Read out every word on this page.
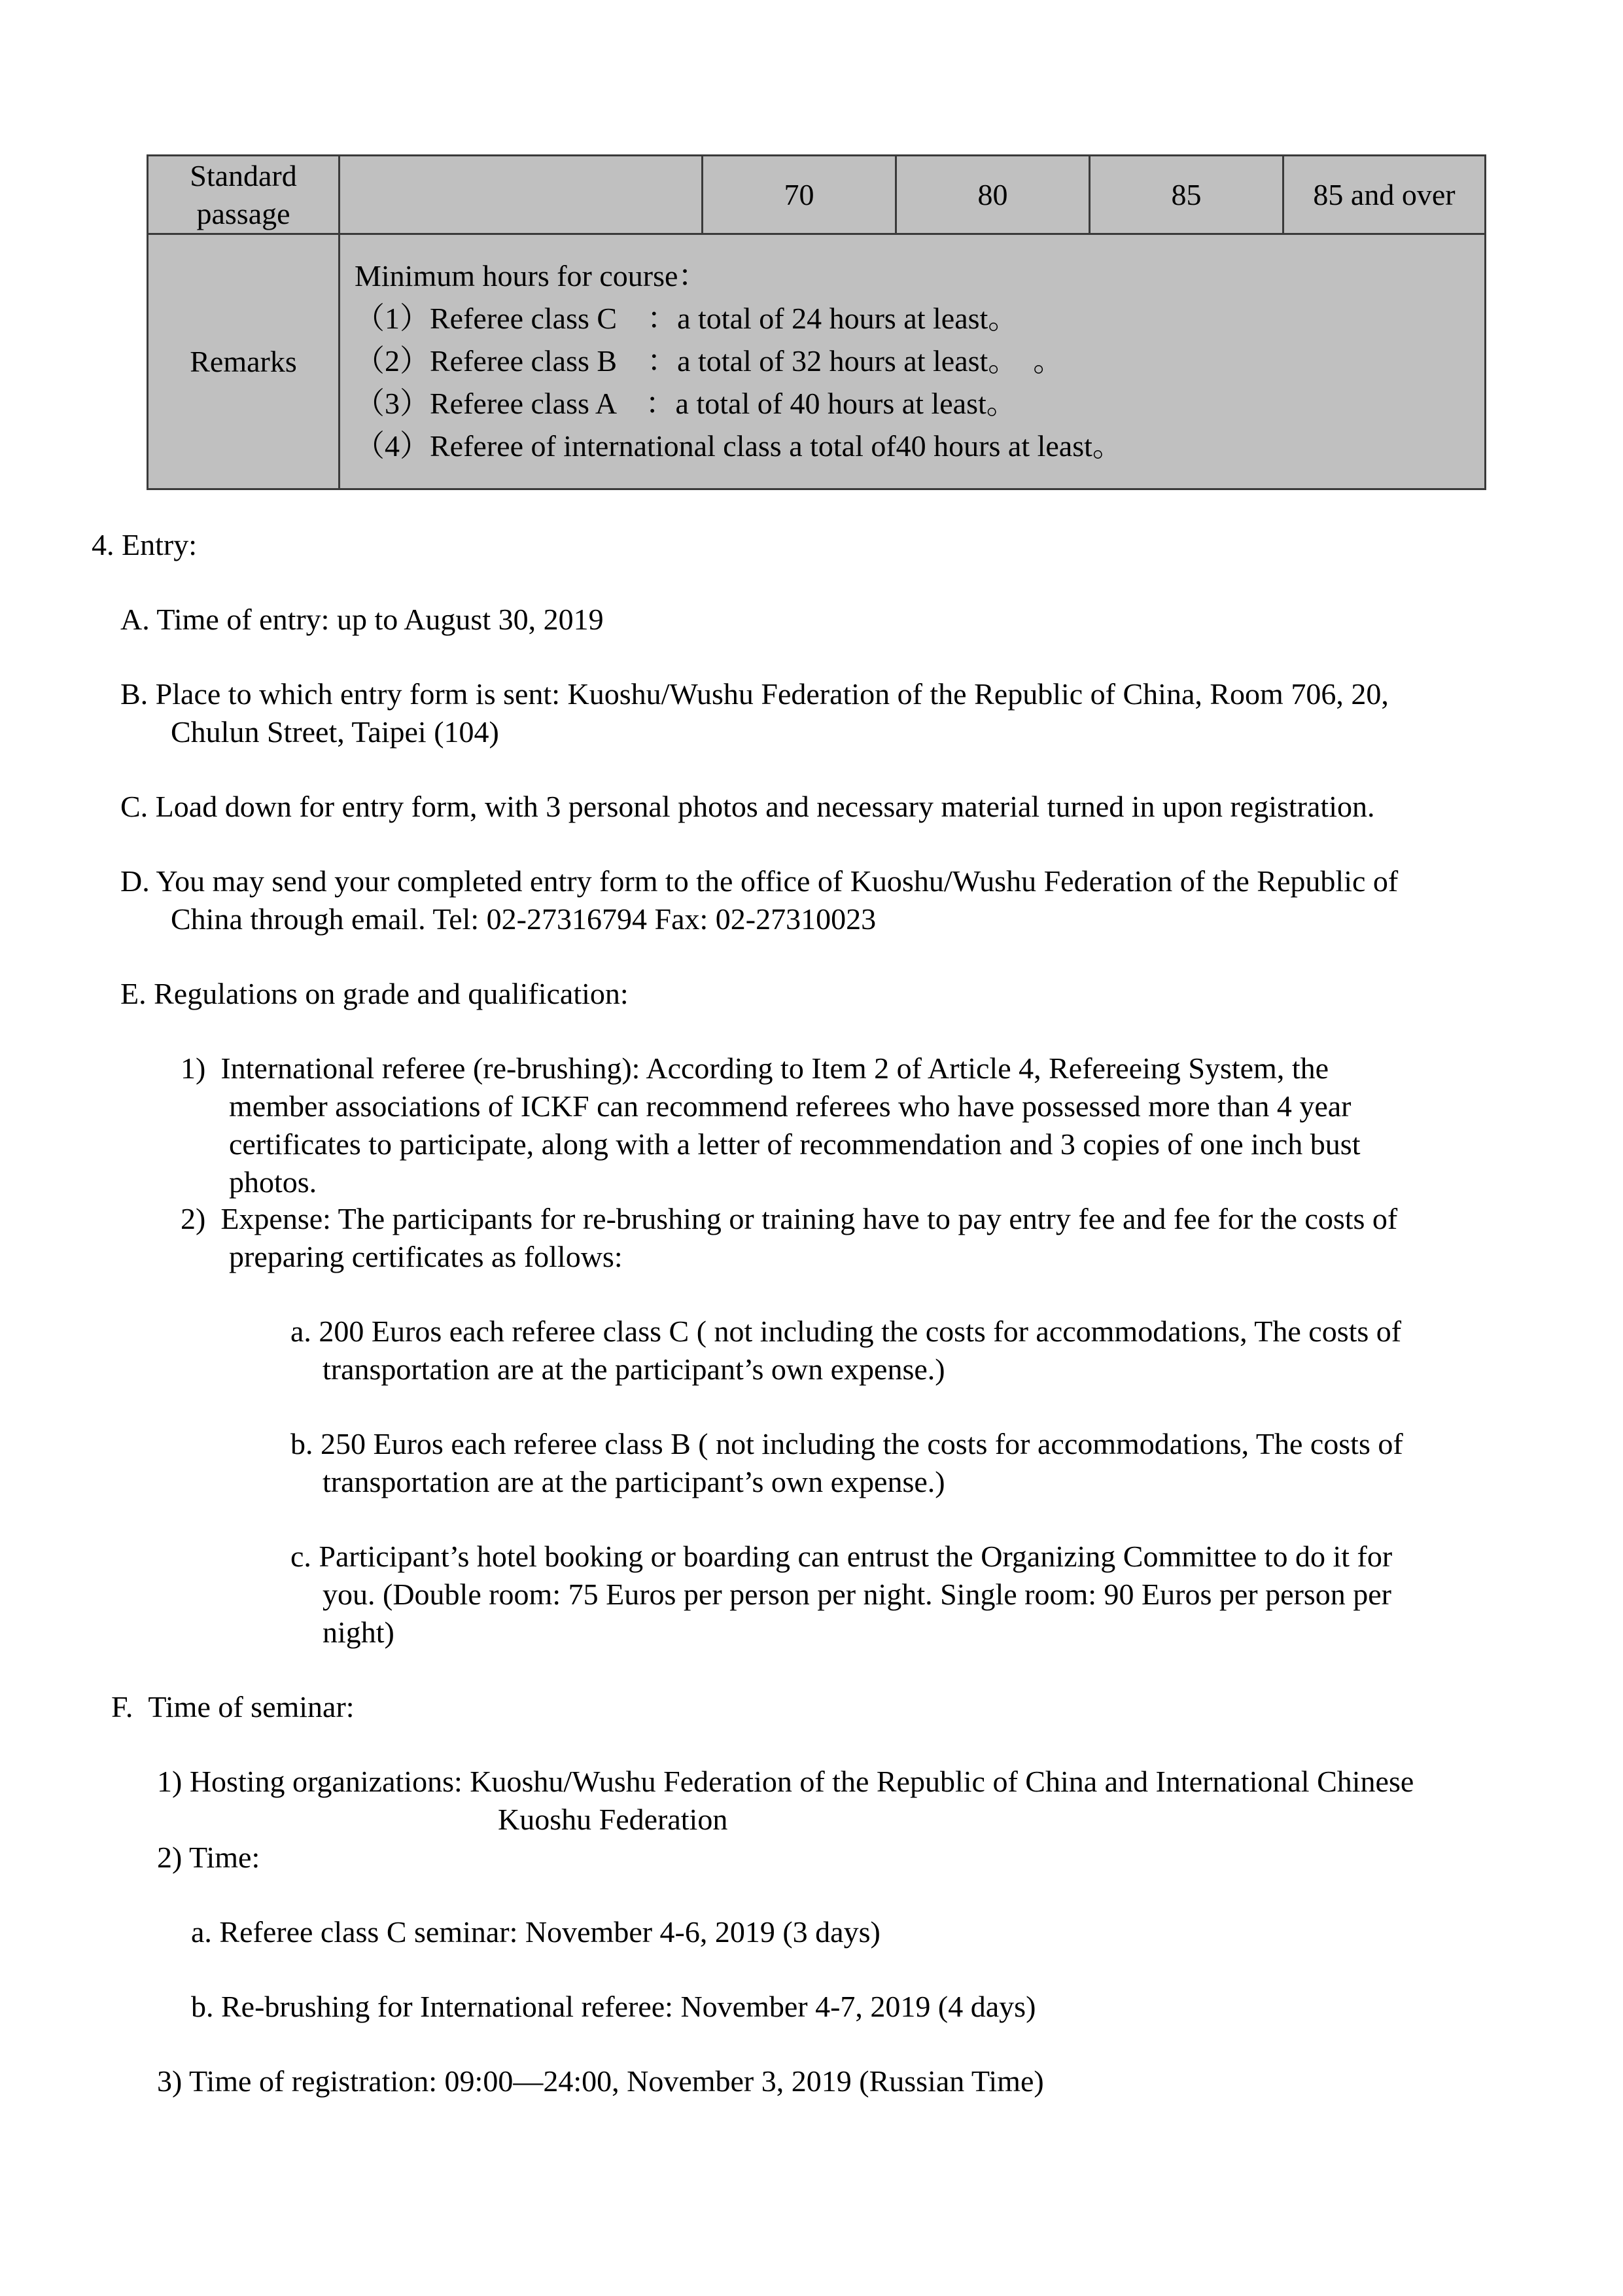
Standard
passage		70	80	85	85 and over
Remarks	Minimum hours for course：
（1）Referee class C　：a total of 24 hours at least。
（2）Referee class B　：a total of 32 hours at least。　。
（3）Referee class A　：a total of 40 hours at least。
（4）Referee of international class a total of40 hours at least。				

4. Entry:

A. Time of entry: up to August 30, 2019

B. Place to which entry form is sent: Kuoshu/Wushu Federation of the Republic of China, Room 706, 20,

Chulun Street, Taipei (104)

C. Load down for entry form, with 3 personal photos and necessary material turned in upon registration.

D. You may send your completed entry form to the office of Kuoshu/Wushu Federation of the Republic of

China through email. Tel: 02-27316794 Fax: 02-27310023

E. Regulations on grade and qualification:

1) International referee (re-brushing): According to Item 2 of Article 4, Refereeing System, the

member associations of ICKF can recommend referees who have possessed more than 4 year

certificates to participate, along with a letter of recommendation and 3 copies of one inch bust

photos.

2) Expense: The participants for re-brushing or training have to pay entry fee and fee for the costs of

preparing certificates as follows:

a. 200 Euros each referee class C ( not including the costs for accommodations, The costs of

transportation are at the participant’s own expense.)

b. 250 Euros each referee class B ( not including the costs for accommodations, The costs of

transportation are at the participant’s own expense.)

c. Participant’s hotel booking or boarding can entrust the Organizing Committee to do it for

you. (Double room: 75 Euros per person per night. Single room: 90 Euros per person per

night)

F. Time of seminar:

1) Hosting organizations: Kuoshu/Wushu Federation of the Republic of China and International Chinese

Kuoshu Federation

2) Time:

a. Referee class C seminar: November 4-6, 2019 (3 days)

b. Re-brushing for International referee: November 4-7, 2019 (4 days)

3) Time of registration: 09:00—24:00, November 3, 2019 (Russian Time)
